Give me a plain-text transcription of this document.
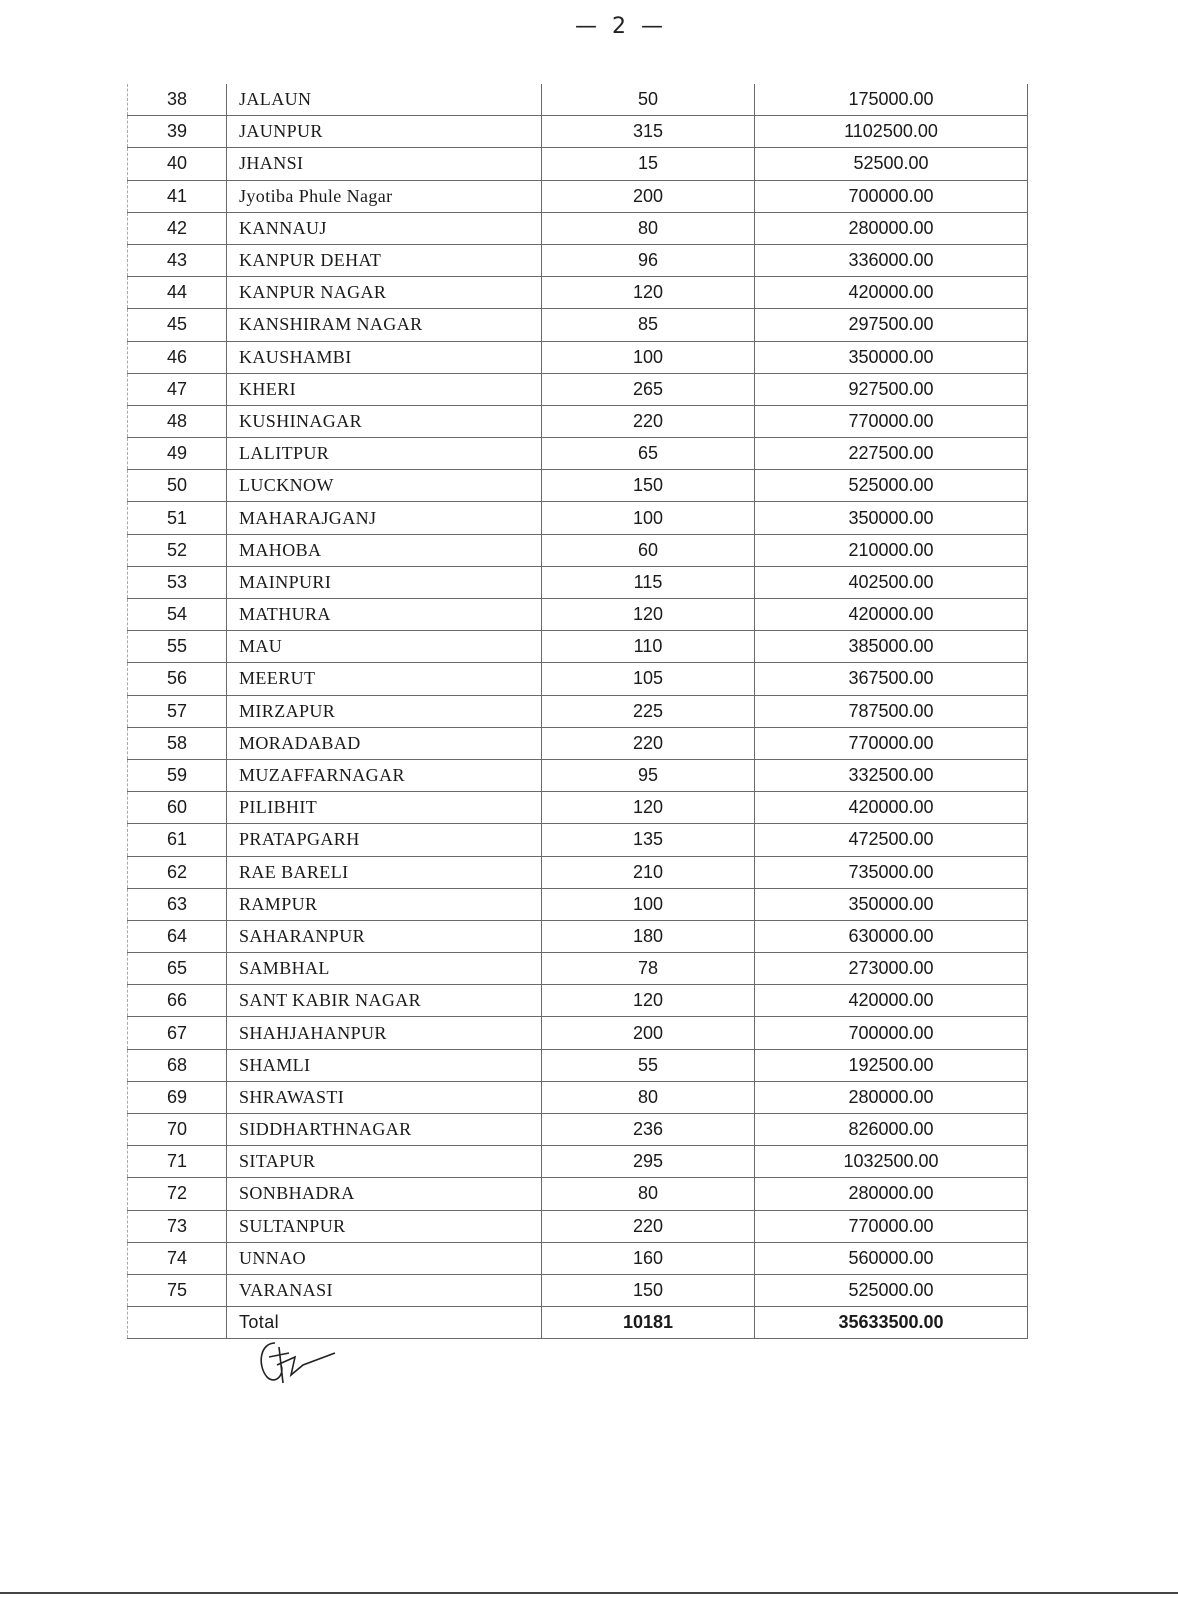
— 2 —
38	JALAUN	50	175000.00
39	JAUNPUR	315	1102500.00
40	JHANSI	15	52500.00
41	Jyotiba Phule Nagar	200	700000.00
42	KANNAUJ	80	280000.00
43	KANPUR DEHAT	96	336000.00
44	KANPUR NAGAR	120	420000.00
45	KANSHIRAM NAGAR	85	297500.00
46	KAUSHAMBI	100	350000.00
47	KHERI	265	927500.00
48	KUSHINAGAR	220	770000.00
49	LALITPUR	65	227500.00
50	LUCKNOW	150	525000.00
51	MAHARAJGANJ	100	350000.00
52	MAHOBA	60	210000.00
53	MAINPURI	115	402500.00
54	MATHURA	120	420000.00
55	MAU	110	385000.00
56	MEERUT	105	367500.00
57	MIRZAPUR	225	787500.00
58	MORADABAD	220	770000.00
59	MUZAFFARNAGAR	95	332500.00
60	PILIBHIT	120	420000.00
61	PRATAPGARH	135	472500.00
62	RAE BARELI	210	735000.00
63	RAMPUR	100	350000.00
64	SAHARANPUR	180	630000.00
65	SAMBHAL	78	273000.00
66	SANT KABIR NAGAR	120	420000.00
67	SHAHJAHANPUR	200	700000.00
68	SHAMLI	55	192500.00
69	SHRAWASTI	80	280000.00
70	SIDDHARTHNAGAR	236	826000.00
71	SITAPUR	295	1032500.00
72	SONBHADRA	80	280000.00
73	SULTANPUR	220	770000.00
74	UNNAO	160	560000.00
75	VARANASI	150	525000.00
	Total	10181	35633500.00
